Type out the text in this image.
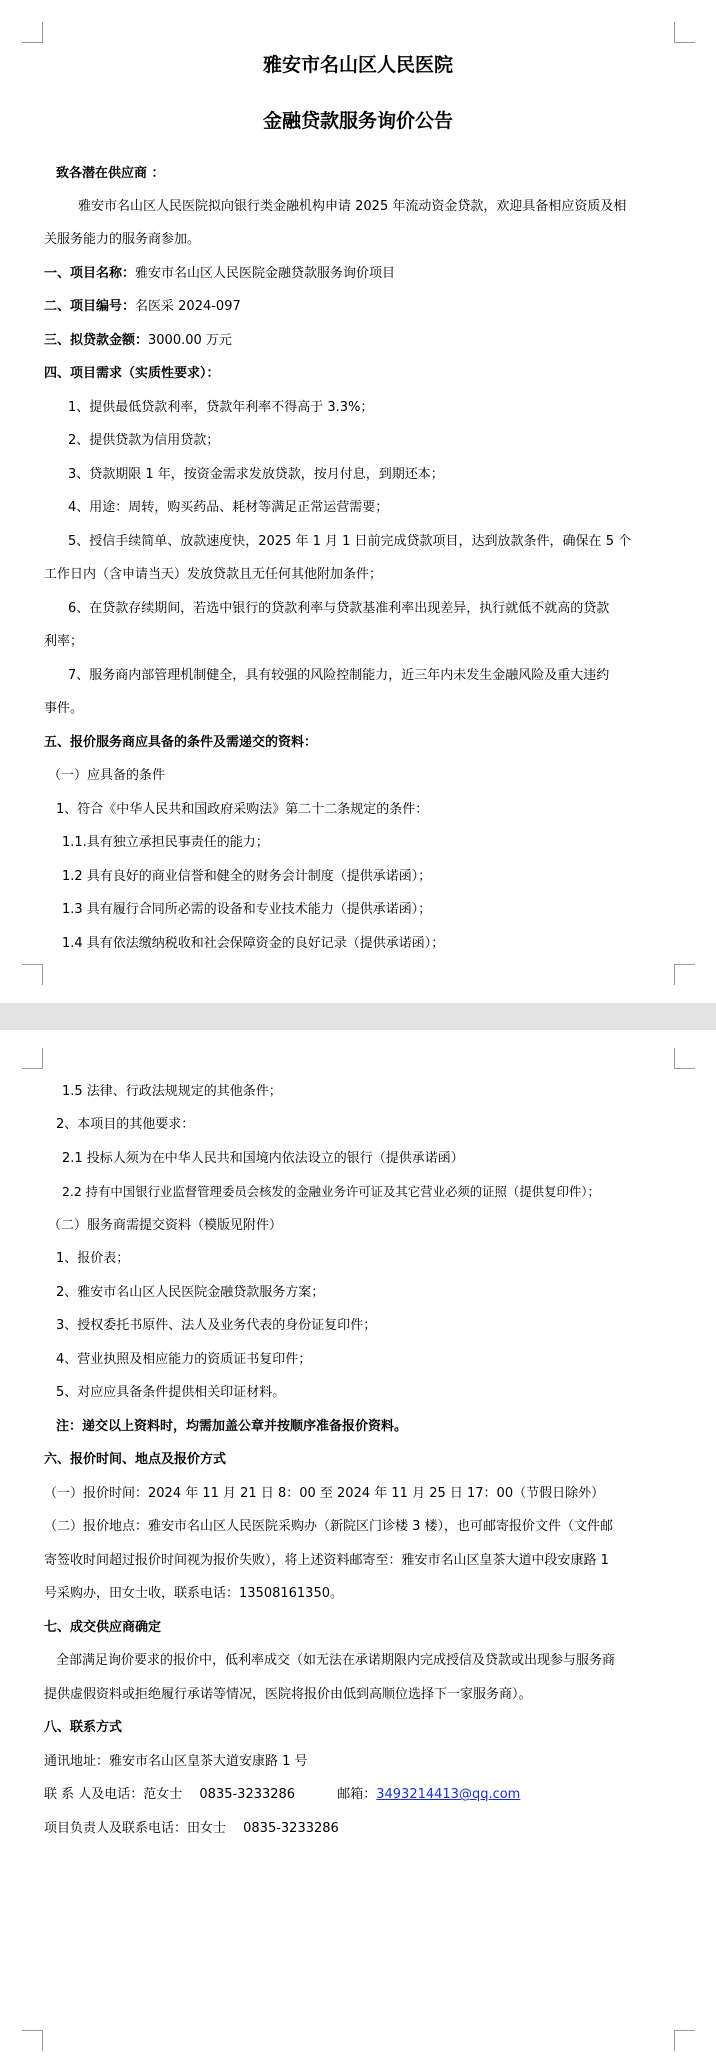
雅安市名山区人民医院
金融贷款服务询价公告
致各潜在供应商 ：
雅安市名山区人民医院拟向银行类金融机构申请 2025 年流动资金贷款，欢迎具备相应资质及相
关服务能力的服务商参加。
一、项目名称：雅安市名山区人民医院金融贷款服务询价项目
二、项目编号：名医采 2024-097
三、拟贷款金额：3000.00 万元
四、项目需求（实质性要求）：
1、提供最低贷款利率，贷款年利率不得高于 3.3%；
2、提供贷款为信用贷款；
3、贷款期限 1 年，按资金需求发放贷款，按月付息，到期还本；
4、用途：周转，购买药品、耗材等满足正常运营需要；
5、授信手续简单、放款速度快，2025 年 1 月 1 日前完成贷款项目，达到放款条件，确保在 5 个
工作日内（含申请当天）发放贷款且无任何其他附加条件；
6、在贷款存续期间，若选中银行的贷款利率与贷款基准利率出现差异，执行就低不就高的贷款
利率；
7、服务商内部管理机制健全，具有较强的风险控制能力，近三年内未发生金融风险及重大违约
事件。
五、报价服务商应具备的条件及需递交的资料：
（一）应具备的条件
1、符合《中华人民共和国政府采购法》第二十二条规定的条件：
1.1.具有独立承担民事责任的能力；
1.2 具有良好的商业信誉和健全的财务会计制度（提供承诺函）；
1.3 具有履行合同所必需的设备和专业技术能力（提供承诺函）；
1.4 具有依法缴纳税收和社会保障资金的良好记录（提供承诺函）；
1.5 法律、行政法规规定的其他条件；
2、本项目的其他要求：
2.1 投标人须为在中华人民共和国境内依法设立的银行（提供承诺函）
2.2 持有中国银行业监督管理委员会核发的金融业务许可证及其它营业必须的证照（提供复印件）；
（二）服务商需提交资料（模版见附件）
1、报价表；
2、雅安市名山区人民医院金融贷款服务方案；
3、授权委托书原件、法人及业务代表的身份证复印件；
4、营业执照及相应能力的资质证书复印件；
5、对应应具备条件提供相关印证材料。
注：递交以上资料时，均需加盖公章并按顺序准备报价资料。
六、报价时间、地点及报价方式
（一）报价时间：2024 年 11 月 21 日 8：00 至 2024 年 11 月 25 日 17：00（节假日除外）
（二）报价地点：雅安市名山区人民医院采购办（新院区门诊楼 3 楼），也可邮寄报价文件（文件邮
寄签收时间超过报价时间视为报价失败），将上述资料邮寄至：雅安市名山区皇茶大道中段安康路 1
号采购办，田女士收，联系电话：13508161350。
七、成交供应商确定
全部满足询价要求的报价中，低利率成交（如无法在承诺期限内完成授信及贷款或出现参与服务商
提供虚假资料或拒绝履行承诺等情况，医院将报价由低到高顺位选择下一家服务商）。
八、联系方式
通讯地址：雅安市名山区皇茶大道安康路 1 号
联 系 人及电话：范女士　 0835-3233286	邮箱：3493214413@qq.com
项目负责人及联系电话：田女士　 0835-3233286
